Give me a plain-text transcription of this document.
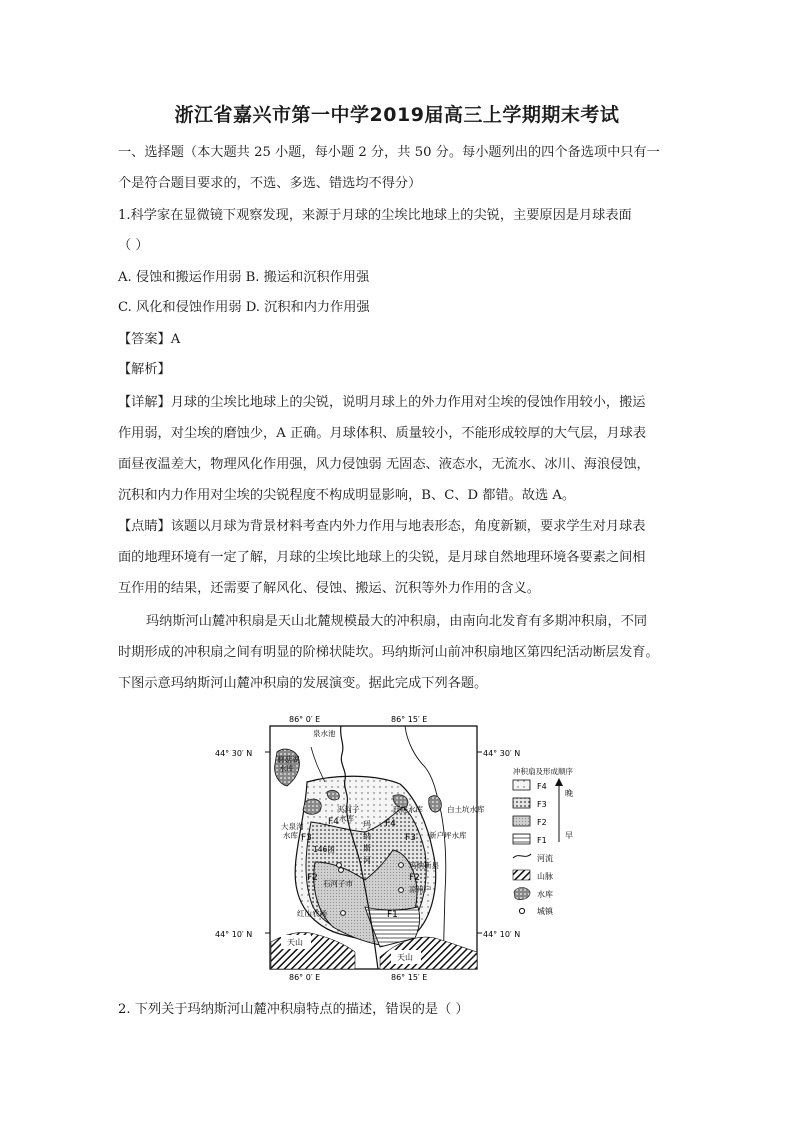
浙江省嘉兴市第一中学2019届高三上学期期末考试
一、选择题（本大题共 25 小题，每小题 2 分，共 50 分。每小题列出的四个备选项中只有一
个是符合题目要求的，不选、多选、错选均不得分）
1.科学家在显微镜下观察发现，来源于月球的尘埃比地球上的尖锐，主要原因是月球表面
（ ）
A. 侵蚀和搬运作用弱 B. 搬运和沉积作用强
C. 风化和侵蚀作用弱 D. 沉积和内力作用强
【答案】A
【解析】
【详解】月球的尘埃比地球上的尖锐，说明月球上的外力作用对尘埃的侵蚀作用较小，搬运
作用弱，对尘埃的磨蚀少，A 正确。月球体积、质量较小，不能形成较厚的大气层，月球表
面昼夜温差大，物理风化作用强，风力侵蚀弱 无固态、液态水，无流水、冰川、海浪侵蚀，
沉积和内力作用对尘埃的尖锐程度不构成明显影响，B、C、D 都错。故选 A。
【点睛】该题以月球为背景材料考查内外力作用与地表形态，角度新颖，要求学生对月球表
面的地理环境有一定了解，月球的尘埃比地球上的尖锐，是月球自然地理环境各要素之间相
互作用的结果，还需要了解风化、侵蚀、搬运、沉积等外力作用的含义。
玛纳斯河山麓冲积扇是天山北麓规模最大的冲积扇，由南向北发育有多期冲积扇，不同
时期形成的冲积扇之间有明显的阶梯状陡坎。玛纳斯河山前冲积扇地区第四纪活动断层发育。
下图示意玛纳斯河山麓冲积扇的发展演变。据此完成下列各题。
86° 0′ E	86° 15′ E
86° 0′ E	86° 15′ E
44° 30′ N	44° 30′ N
44° 10′ N	44° 10′ N
泉水池
蘑菇湖
水库
大泉沟
水库
夹河子
水库
跃进水库	白土坑水库
新户坪水库
146团
石河子市
玛纳斯县
凉州户
红山农场
天山
天山
玛
纳
斯
河
F4	F4
F3	F3
F2	F2
F1
冲积扇及形成顺序
F4
F3
F2
F1
晚
早
河流
山脉
水库
城镇
2. 下列关于玛纳斯河山麓冲积扇特点的描述，错误的是（ ）
